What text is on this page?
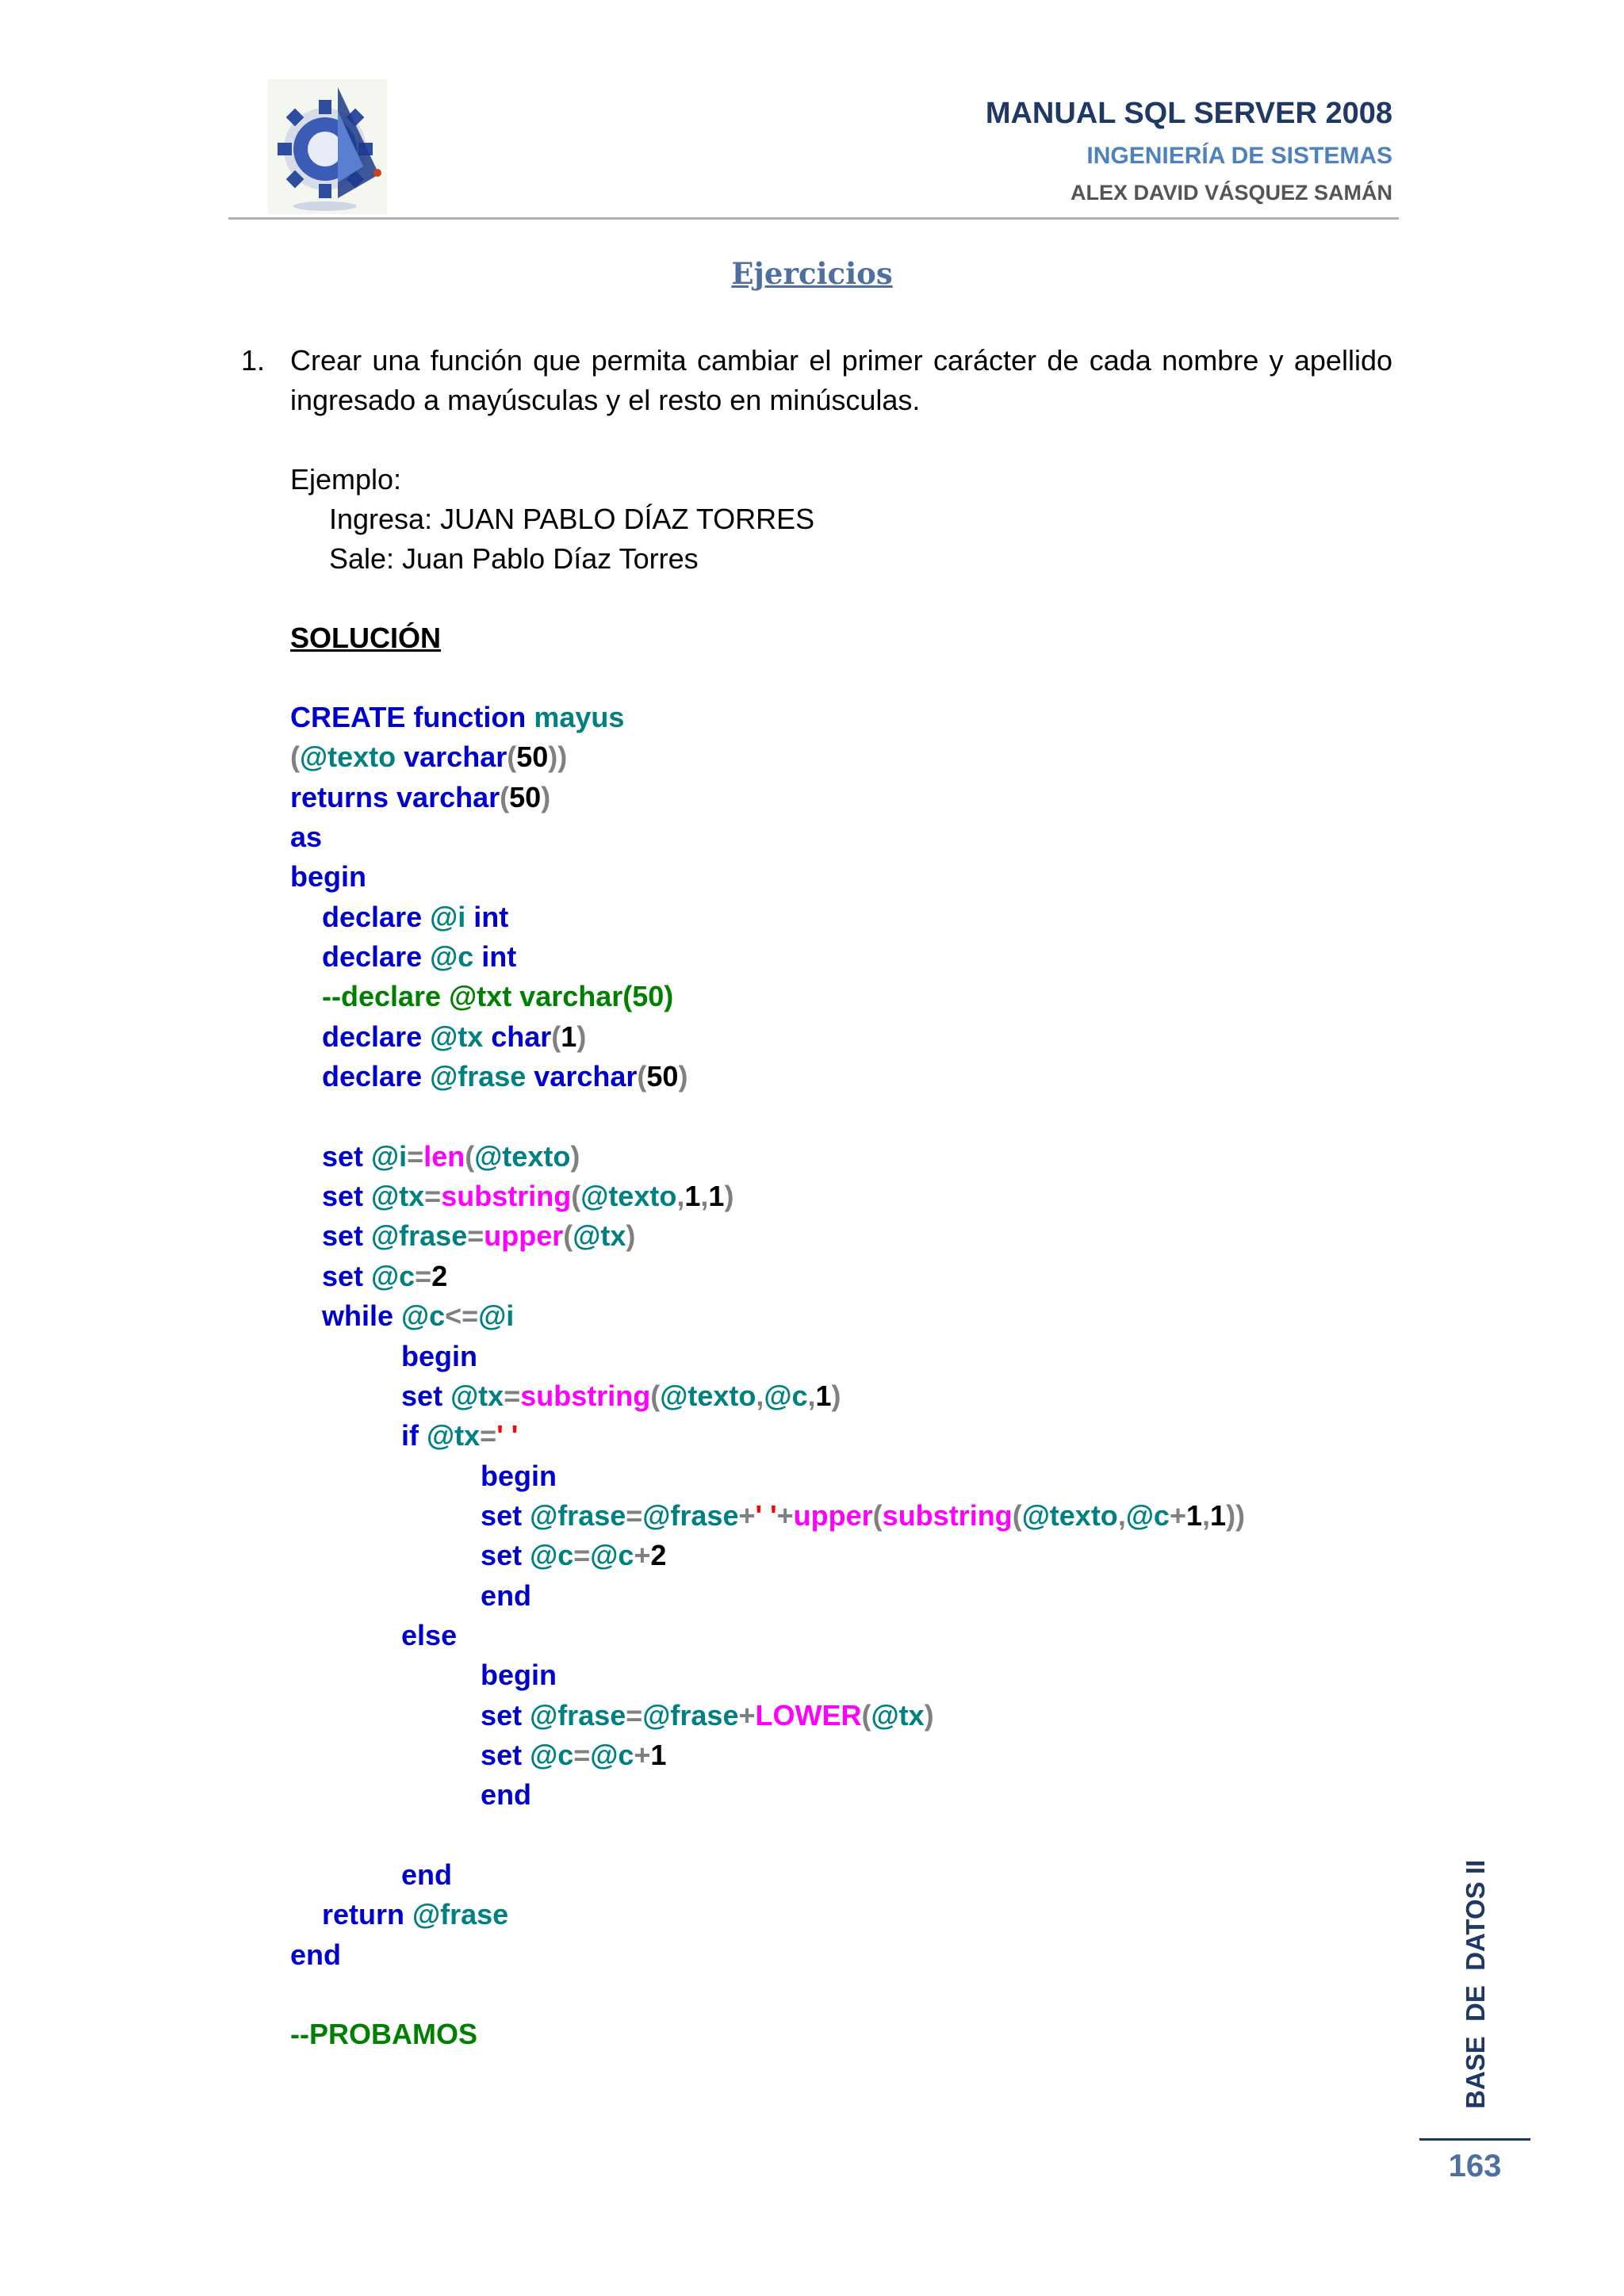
MANUAL SQL SERVER 2008
INGENIERÍA DE SISTEMAS
ALEX DAVID VÁSQUEZ SAMÁN
Ejercicios
1. Crear una función que permita cambiar el primer carácter de cada nombre y apellido ingresado a mayúsculas y el resto en minúsculas.
Ejemplo:
Ingresa: JUAN PABLO DÍAZ TORRES
Sale: Juan Pablo Díaz Torres
SOLUCIÓN
CREATE function mayus
(@texto varchar(50))
returns varchar(50)
as
begin
declare @i int
declare @c int
--declare @txt varchar(50)
declare @tx char(1)
declare @frase varchar(50)

set @i=len(@texto)
set @tx=substring(@texto,1,1)
set @frase=upper(@tx)
set @c=2
while @c<=@i
begin
set @tx=substring(@texto,@c,1)
if @tx=' '
begin
set @frase=@frase+' '+upper(substring(@texto,@c+1,1))
set @c=@c+2
end
else
begin
set @frase=@frase+LOWER(@tx)
set @c=@c+1
end

end
return @frase
end

--PROBAMOS	BASE  DE  DATOS II
163
